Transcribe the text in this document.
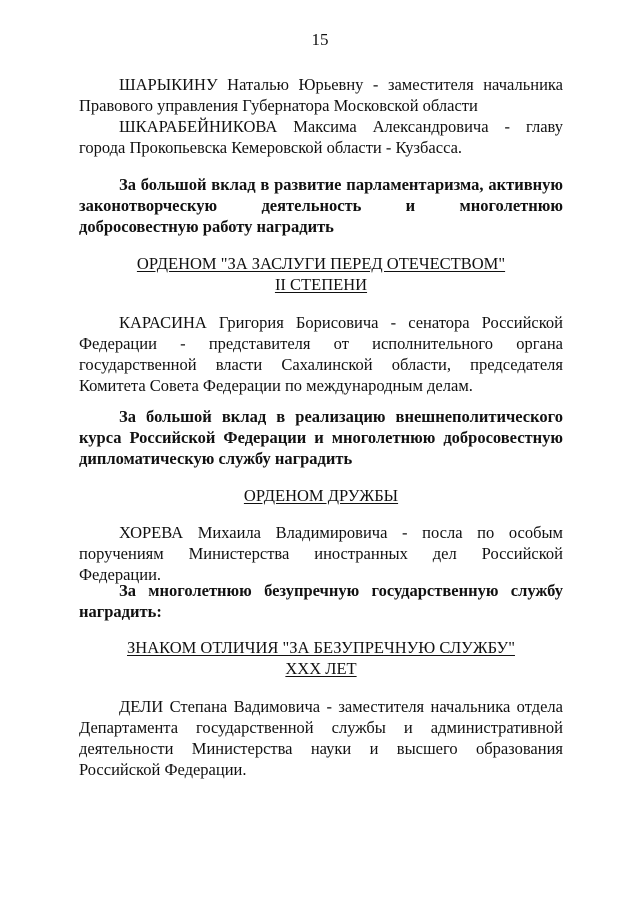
15

ШАРЫКИНУ Наталью Юрьевну - заместителя начальника Правового управления Губернатора Московской области

ШКАРАБЕЙНИКОВА Максима Александровича - главу города Прокопьевска Кемеровской области - Кузбасса.

За большой вклад в развитие парламентаризма, активную законотворческую деятельность и многолетнюю добросовестную работу наградить

ОРДЕНОМ "ЗА ЗАСЛУГИ ПЕРЕД ОТЕЧЕСТВОМ"

II СТЕПЕНИ

КАРАСИНА Григория Борисовича - сенатора Российской Федерации - представителя от исполнительного органа государственной власти Сахалинской области, председателя Комитета Совета Федерации по международным делам.

За большой вклад в реализацию внешнеполитического курса Российской Федерации и многолетнюю добросовестную дипломатическую службу наградить

ОРДЕНОМ ДРУЖБЫ

ХОРЕВА Михаила Владимировича - посла по особым поручениям Министерства иностранных дел Российской Федерации.

За многолетнюю безупречную государственную службу наградить:

ЗНАКОМ ОТЛИЧИЯ "ЗА БЕЗУПРЕЧНУЮ СЛУЖБУ"

XXX ЛЕТ

ДЕЛИ Степана Вадимовича - заместителя начальника отдела Департамента государственной службы и административной деятельности Министерства науки и высшего образования Российской Федерации.
